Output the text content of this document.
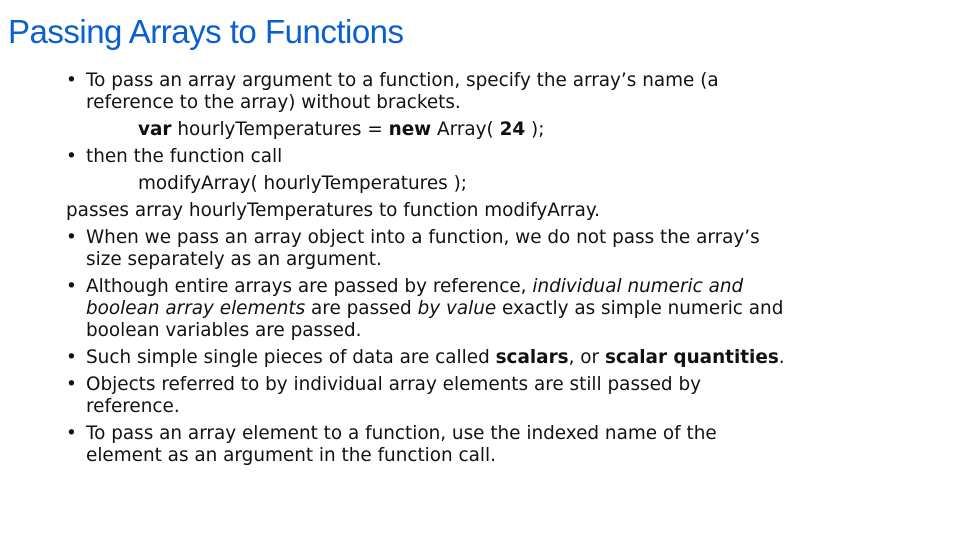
Passing Arrays to Functions
• To pass an array argument to a function, specify the array’s name (a
reference to the array) without brackets.
var hourlyTemperatures = new Array( 24 );
• then the function call
modifyArray( hourlyTemperatures );
passes array hourlyTemperatures to function modifyArray.
• When we pass an array object into a function, we do not pass the array’s
size separately as an argument.
• Although entire arrays are passed by reference, individual numeric and
boolean array elements are passed by value exactly as simple numeric and
boolean variables are passed.
• Such simple single pieces of data are called scalars, or scalar quantities.
• Objects referred to by individual array elements are still passed by
reference.
• To pass an array element to a function, use the indexed name of the
element as an argument in the function call.
